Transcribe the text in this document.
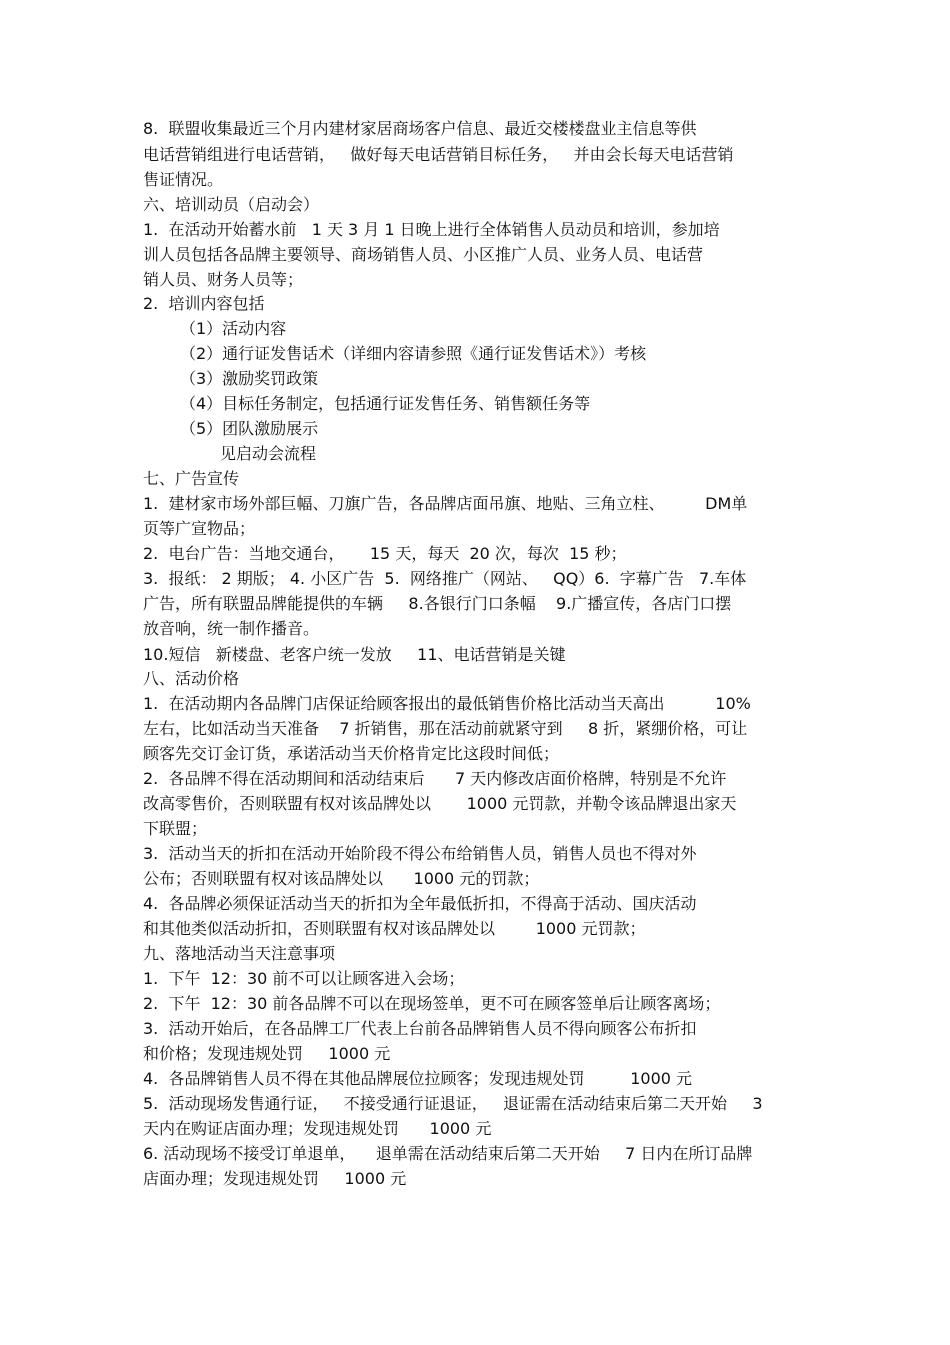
8.  联盟收集最近三个月内建材家居商场客户信息、最近交楼楼盘业主信息等供
电话营销组进行电话营销，   做好每天电话营销目标任务，   并由会长每天电话营销
售证情况。
六、培训动员（启动会）
1.  在活动开始蓄水前   1 天 3 月 1 日晚上进行全体销售人员动员和培训，参加培
训人员包括各品牌主要领导、商场销售人员、小区推广人员、业务人员、电话营
销人员、财务人员等；
2.  培训内容包括
（1）活动内容
（2）通行证发售话术（详细内容请参照《通行证发售话术》）考核
（3）激励奖罚政策
（4）目标任务制定，包括通行证发售任务、销售额任务等
（5）团队激励展示
见启动会流程
七、广告宣传
1.  建材家市场外部巨幅、刀旗广告，各品牌店面吊旗、地贴、三角立柱、        DM单
页等广宣物品；
2.  电台广告：当地交通台，     15 天，每天  20 次，每次  15 秒；
3.  报纸： 2 期版； 4. 小区广告  5.  网络推广（网站、   QQ）6.  字幕广告   7.车体
广告，所有联盟品牌能提供的车辆     8.各银行门口条幅    9.广播宣传，各店门口摆
放音响，统一制作播音。
10.短信   新楼盘、老客户统一发放     11、电话营销是关键
八、活动价格
1.  在活动期内各品牌门店保证给顾客报出的最低销售价格比活动当天高出          10%
左右，比如活动当天准备    7 折销售，那在活动前就紧守到     8 折，紧绷价格，可让
顾客先交订金订货，承诺活动当天价格肯定比这段时间低；
2.  各品牌不得在活动期间和活动结束后      7 天内修改店面价格牌，特别是不允许
改高零售价，否则联盟有权对该品牌处以       1000 元罚款，并勒令该品牌退出家天
下联盟；
3.  活动当天的折扣在活动开始阶段不得公布给销售人员，销售人员也不得对外
公布；否则联盟有权对该品牌处以      1000 元的罚款；
4.  各品牌必须保证活动当天的折扣为全年最低折扣，不得高于活动、国庆活动
和其他类似活动折扣，否则联盟有权对该品牌处以        1000 元罚款；
九、落地活动当天注意事项
1.  下午  12：30 前不可以让顾客进入会场；
2.  下午  12：30 前各品牌不可以在现场签单，更不可在顾客签单后让顾客离场；
3.  活动开始后，在各品牌工厂代表上台前各品牌销售人员不得向顾客公布折扣
和价格；发现违规处罚     1000 元
4.  各品牌销售人员不得在其他品牌展位拉顾客；发现违规处罚         1000 元
5.  活动现场发售通行证，   不接受通行证退证，   退证需在活动结束后第二天开始     3
天内在购证店面办理；发现违规处罚      1000 元
6. 活动现场不接受订单退单，    退单需在活动结束后第二天开始     7 日内在所订品牌
店面办理；发现违规处罚     1000 元
